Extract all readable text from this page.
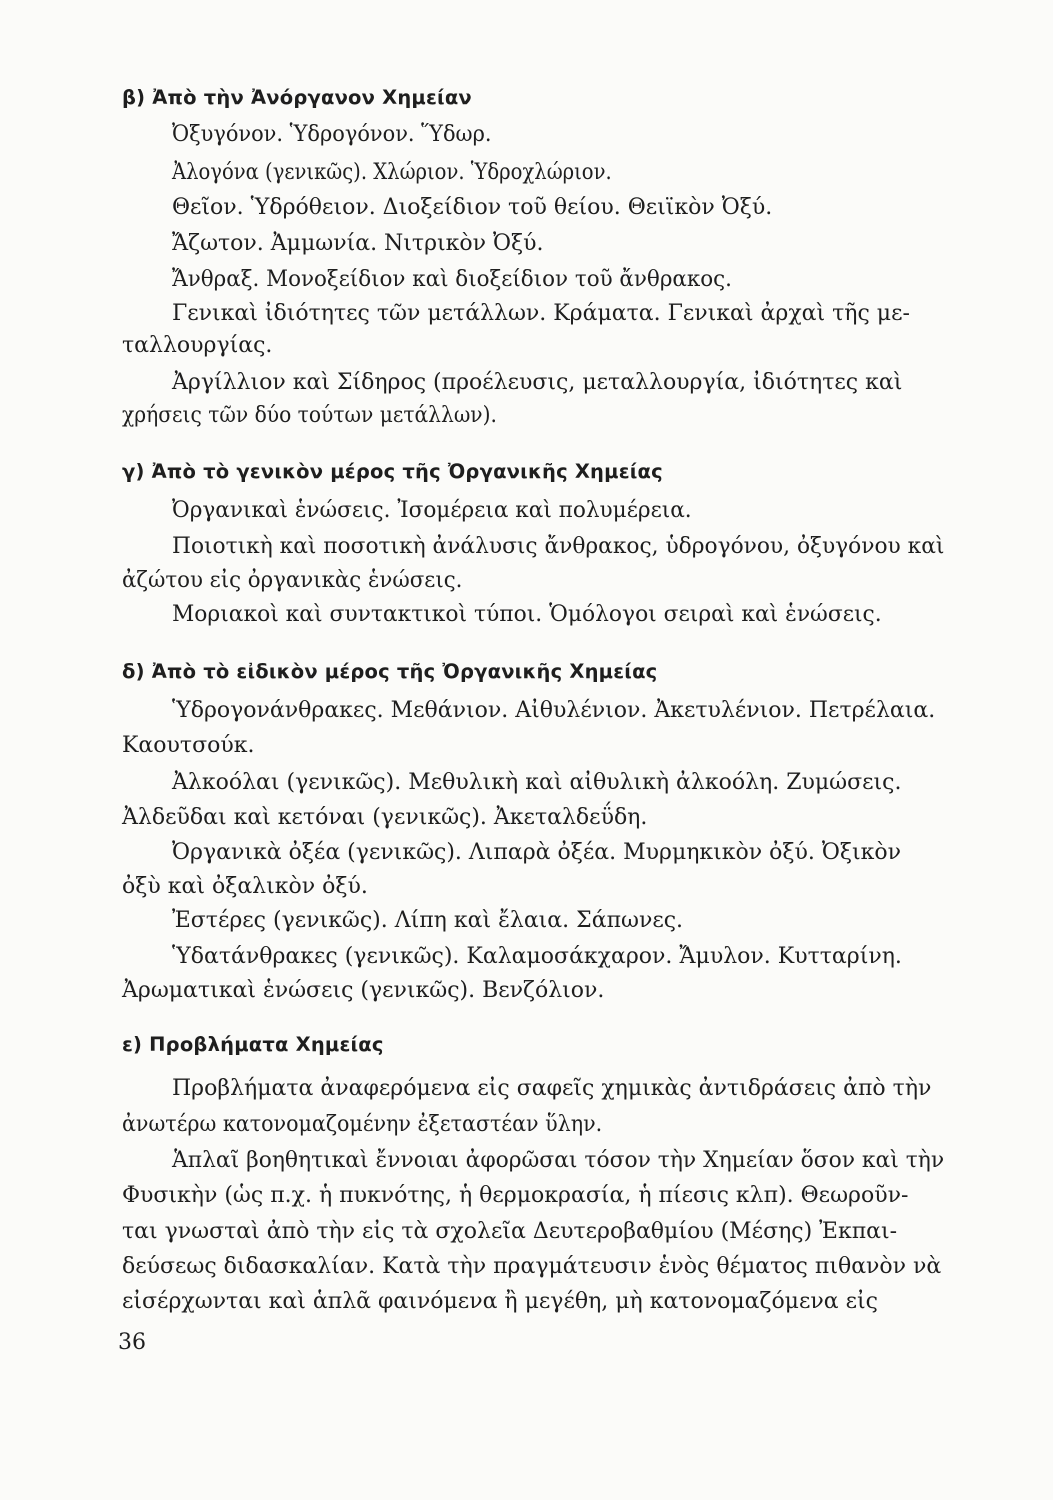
β) Ἀπὸ τὴν Ἀνόργανον Χημείαν
Ὀξυγόνον. Ὑδρογόνον. Ὕδωρ.
Ἀλογόνα (γενικῶς). Χλώριον. Ὑδροχλώριον.
Θεῖον. Ὑδρόθειον. Διοξείδιον τοῦ θείου. Θειϊκὸν Ὀξύ.
Ἄζωτον. Ἀμμωνία. Νιτρικὸν Ὀξύ.
Ἄνθραξ. Μονοξείδιον καὶ διοξείδιον τοῦ ἄνθρακος.
Γενικαὶ ἰδιότητες τῶν μετάλλων. Κράματα. Γενικαὶ ἀρχαὶ τῆς με-
ταλλουργίας.
Ἀργίλλιον καὶ Σίδηρος (προέλευσις, μεταλλουργία, ἰδιότητες καὶ
χρήσεις τῶν δύο τούτων μετάλλων).
γ) Ἀπὸ τὸ γενικὸν μέρος τῆς Ὀργανικῆς Χημείας
Ὀργανικαὶ ἑνώσεις. Ἰσομέρεια καὶ πολυμέρεια.
Ποιοτικὴ καὶ ποσοτικὴ ἀνάλυσις ἄνθρακος, ὑδρογόνου, ὀξυγόνου καὶ
ἀζώτου εἰς ὀργανικὰς ἑνώσεις.
Μοριακοὶ καὶ συντακτικοὶ τύποι. Ὁμόλογοι σειραὶ καὶ ἑνώσεις.
δ) Ἀπὸ τὸ εἰδικὸν μέρος τῆς Ὀργανικῆς Χημείας
Ὑδρογονάνθρακες. Μεθάνιον. Αἰθυλένιον. Ἀκετυλένιον. Πετρέλαια.
Καουτσούκ.
Ἀλκοόλαι (γενικῶς). Μεθυλικὴ καὶ αἰθυλικὴ ἀλκοόλη. Ζυμώσεις.
Ἀλδεῦδαι καὶ κετόναι (γενικῶς). Ἀκεταλδεΰδη.
Ὀργανικὰ ὀξέα (γενικῶς). Λιπαρὰ ὀξέα. Μυρμηκικὸν ὀξύ. Ὀξικὸν
ὀξὺ καὶ ὀξαλικὸν ὀξύ.
Ἐστέρες (γενικῶς). Λίπη καὶ ἔλαια. Σάπωνες.
Ὑδατάνθρακες (γενικῶς). Καλαμοσάκχαρον. Ἄμυλον. Κυτταρίνη.
Ἀρωματικαὶ ἑνώσεις (γενικῶς). Βενζόλιον.
ε) Προβλήματα Χημείας
Προβλήματα ἀναφερόμενα εἰς σαφεῖς χημικὰς ἀντιδράσεις ἀπὸ τὴν
ἀνωτέρω κατονομαζομένην ἐξεταστέαν ὕλην.
Ἁπλαῖ βοηθητικαὶ ἔννοιαι ἀφορῶσαι τόσον τὴν Χημείαν ὅσον καὶ τὴν
Φυσικὴν (ὡς π.χ. ἡ πυκνότης, ἡ θερμοκρασία, ἡ πίεσις κλπ). Θεωροῦν-
ται γνωσταὶ ἀπὸ τὴν εἰς τὰ σχολεῖα Δευτεροβαθμίου (Μέσης) Ἐκπαι-
δεύσεως διδασκαλίαν. Κατὰ τὴν πραγμάτευσιν ἑνὸς θέματος πιθανὸν νὰ
εἰσέρχωνται καὶ ἁπλᾶ φαινόμενα ἢ μεγέθη, μὴ κατονομαζόμενα εἰς
36
